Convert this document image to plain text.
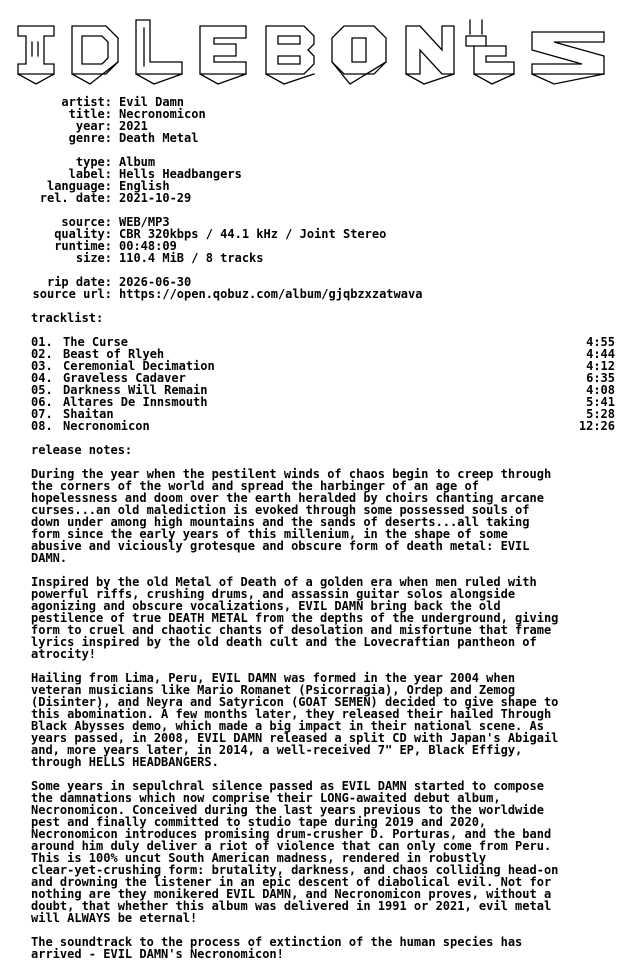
artist: Evil Damn
title: Necronomicon
year: 2021
genre: Death Metal
type: Album
label: Hells Headbangers
language: English
rel. date: 2021-10-29
source: WEB/MP3
quality: CBR 320kbps / 44.1 kHz / Joint Stereo
runtime: 00:48:09
size: 110.4 MiB / 8 tracks
rip date: 2026-06-30
source url: https://open.qobuz.com/album/gjqbzxzatwava
tracklist:
01. The Curse	4:55
02. Beast of Rlyeh	4:44
03. Ceremonial Decimation	4:12
04. Graveless Cadaver	6:35
05. Darkness Will Remain	4:08
06. Altares De Innsmouth	5:41
07. Shaitan	5:28
08. Necronomicon	12:26
release notes:
During the year when the pestilent winds of chaos begin to creep through
the corners of the world and spread the harbinger of an age of
hopelessness and doom over the earth heralded by choirs chanting arcane
curses...an old malediction is evoked through some possessed souls of
down under among high mountains and the sands of deserts...all taking
form since the early years of this millenium, in the shape of some
abusive and viciously grotesque and obscure form of death metal: EVIL
DAMN.
Inspired by the old Metal of Death of a golden era when men ruled with
powerful riffs, crushing drums, and assassin guitar solos alongside
agonizing and obscure vocalizations, EVIL DAMN bring back the old
pestilence of true DEATH METAL from the depths of the underground, giving
form to cruel and chaotic chants of desolation and misfortune that frame
lyrics inspired by the old death cult and the Lovecraftian pantheon of
atrocity!
Hailing from Lima, Peru, EVIL DAMN was formed in the year 2004 when
veteran musicians like Mario Romanet (Psicorragia), Ordep and Zemog
(Disinter), and Neyra and Satyricon (GOAT SEMEN) decided to give shape to
this abomination. A few months later, they released their hailed Through
Black Abysses demo, which made a big impact in their national scene. As
years passed, in 2008, EVIL DAMN released a split CD with Japan's Abigail
and, more years later, in 2014, a well-received 7" EP, Black Effigy,
through HELLS HEADBANGERS.
Some years in sepulchral silence passed as EVIL DAMN started to compose
the damnations which now comprise their LONG-awaited debut album,
Necronomicon. Conceived during the last years previous to the worldwide
pest and finally committed to studio tape during 2019 and 2020,
Necronomicon introduces promising drum-crusher D. Porturas, and the band
around him duly deliver a riot of violence that can only come from Peru.
This is 100% uncut South American madness, rendered in robustly
clear-yet-crushing form: brutality, darkness, and chaos colliding head-on
and drowning the listener in an epic descent of diabolical evil. Not for
nothing are they monikered EVIL DAMN, and Necronomicon proves, without a
doubt, that whether this album was delivered in 1991 or 2021, evil metal
will ALWAYS be eternal!
The soundtrack to the process of extinction of the human species has
arrived - EVIL DAMN's Necronomicon!
